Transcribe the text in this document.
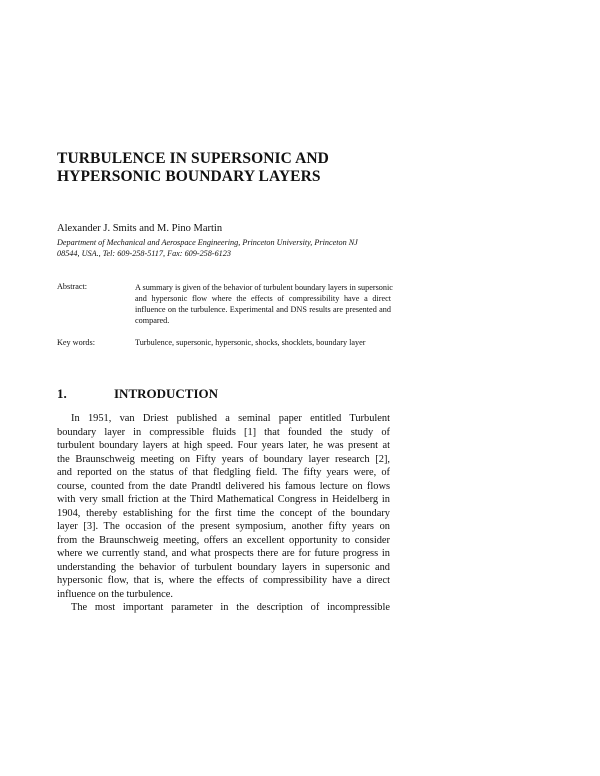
TURBULENCE IN SUPERSONIC AND
HYPERSONIC BOUNDARY LAYERS
Alexander J. Smits and M. Pino Martin
Department of Mechanical and Aerospace Engineering, Princeton University, Princeton NJ
08544, USA., Tel: 609-258-5117, Fax: 609-258-6123
Abstract:	A summary is given of the behavior of turbulent boundary layers in supersonic
and hypersonic flow where the effects of compressibility have a direct
influence on the turbulence. Experimental and DNS results are presented and
compared.
Key words:	Turbulence, supersonic, hypersonic, shocks, shocklets, boundary layer
1.	INTRODUCTION
In 1951, van Driest published a seminal paper entitled Turbulent
boundary layer in compressible fluids [1] that founded the study of
turbulent boundary layers at high speed. Four years later, he was present at
the Braunschweig meeting on Fifty years of boundary layer research [2],
and reported on the status of that fledgling field. The fifty years were, of
course, counted from the date Prandtl delivered his famous lecture on flows
with very small friction at the Third Mathematical Congress in Heidelberg in
1904, thereby establishing for the first time the concept of the boundary
layer [3]. The occasion of the present symposium, another fifty years on
from the Braunschweig meeting, offers an excellent opportunity to consider
where we currently stand, and what prospects there are for future progress in
understanding the behavior of turbulent boundary layers in supersonic and
hypersonic flow, that is, where the effects of compressibility have a direct
influence on the turbulence.
The most important parameter in the description of incompressible
